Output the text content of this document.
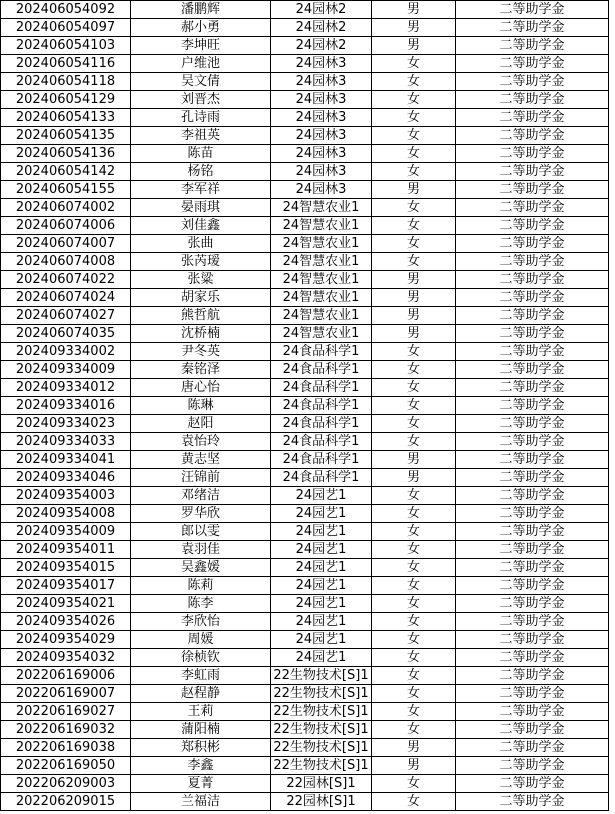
202406054092	潘鹏辉	24园林2	男	二等助学金
202406054097	郝小勇	24园林2	男	二等助学金
202406054103	李坤旺	24园林2	男	二等助学金
202406054116	户维池	24园林3	女	二等助学金
202406054118	吴文倩	24园林3	女	二等助学金
202406054129	刘晋杰	24园林3	女	二等助学金
202406054133	孔诗雨	24园林3	女	二等助学金
202406054135	李祖英	24园林3	女	二等助学金
202406054136	陈苗	24园林3	女	二等助学金
202406054142	杨铭	24园林3	女	二等助学金
202406054155	李军祥	24园林3	男	二等助学金
202406074002	晏雨琪	24智慧农业1	女	二等助学金
202406074006	刘佳鑫	24智慧农业1	女	二等助学金
202406074007	张曲	24智慧农业1	女	二等助学金
202406074008	张芮瑷	24智慧农业1	女	二等助学金
202406074022	张粱	24智慧农业1	男	二等助学金
202406074024	胡家乐	24智慧农业1	男	二等助学金
202406074027	熊哲航	24智慧农业1	男	二等助学金
202406074035	沈桥楠	24智慧农业1	男	二等助学金
202409334002	尹冬英	24食品科学1	女	二等助学金
202409334009	秦铭泽	24食品科学1	女	二等助学金
202409334012	唐心怡	24食品科学1	女	二等助学金
202409334016	陈琳	24食品科学1	女	二等助学金
202409334023	赵阳	24食品科学1	女	二等助学金
202409334033	袁怡玲	24食品科学1	女	二等助学金
202409334041	黄志坚	24食品科学1	男	二等助学金
202409334046	汪锦前	24食品科学1	男	二等助学金
202409354003	邓绪洁	24园艺1	女	二等助学金
202409354008	罗华欣	24园艺1	女	二等助学金
202409354009	郎以雯	24园艺1	女	二等助学金
202409354011	袁羽佳	24园艺1	女	二等助学金
202409354015	吴鑫媛	24园艺1	女	二等助学金
202409354017	陈莉	24园艺1	女	二等助学金
202409354021	陈李	24园艺1	女	二等助学金
202409354026	李欣怡	24园艺1	女	二等助学金
202409354029	周媛	24园艺1	女	二等助学金
202409354032	徐桢钦	24园艺1	女	二等助学金
202206169006	李虹雨	22生物技术[S]1	女	二等助学金
202206169007	赵程静	22生物技术[S]1	女	二等助学金
202206169027	王莉	22生物技术[S]1	女	二等助学金
202206169032	蒲阳楠	22生物技术[S]1	女	二等助学金
202206169038	郑积彬	22生物技术[S]1	男	二等助学金
202206169050	李鑫	22生物技术[S]1	男	二等助学金
202206209003	夏菁	22园林[S]1	女	二等助学金
202206209015	兰福洁	22园林[S]1	女	二等助学金
